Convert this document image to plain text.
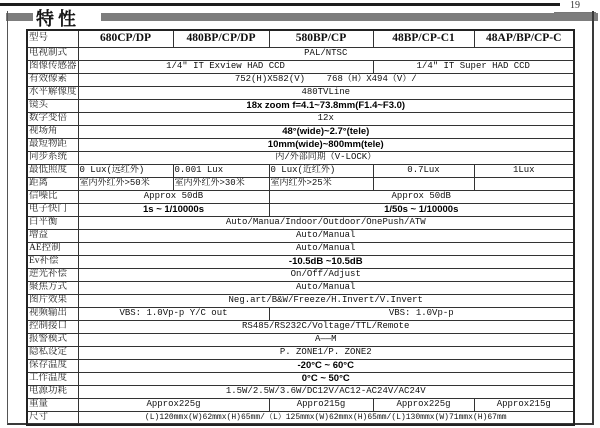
19
特性
型号	680CP/DP	480BP/CP/DP	580BP/CP	48BP/CP-C1	48AP/BP/CP-C
电视制式	PAL/NTSC				
图像传感器	1/4″ IT Exview HAD CCD			1/4″ IT Super HAD CCD	
有效像素	752(H)X582(V)    768（H）X494（V）/				
水平解像度	480TVLine				
镜头	18x zoom f=4.1~73.8mm(F1.4~F3.0)				
数字变倍	12x				
视场角	48°(wide)~2.7°(tele)				
最短物距	10mm(wide)~800mm(tele)				
同步系统	内/外部同期（V-LOCK）				
最低照度	0 Lux(远红外)	0.001 Lux	0 Lux(近红外)	0.7Lux	1Lux
距离	室内外红外>50米	室内外红外>30米	室内红外>25米		
信噪比	Approx 50dB		Approx 50dB		
电子快门	1s ~ 1/10000s		1/50s ~ 1/10000s		
白平衡	Auto/Manua/Indoor/Outdoor/OnePush/ATW				
增益	Auto/Manual				
AE控制	Auto/Manual				
Ev补偿	-10.5dB ~10.5dB				
逆光补偿	On/Off/Adjust				
聚焦方式	Auto/Manual				
图片效果	Neg.art/B&W/Freeze/H.Invert/V.Invert				
视频输出	VBS: 1.0Vp-p Y/C out		VBS: 1.0Vp-p		
控制接口	RS485/RS232C/Voltage/TTL/Remote				
报警模式	A——M				
隐私设定	P. ZONE1/P. ZONE2				
保存温度	-20°C ~ 60°C				
工作温度	0°C ~ 50°C				
电源功耗	1.5W/2.5W/3.6W/DC12V/AC12-AC24V/AC24V				
重量	Approx225g		Appro215g	Approx225g	Approx215g
尺寸	(L)120mmx(W)62mmx(H)65mm/（L）125mmx(W)62mmx(H)65mm/(L)130mmx(W)71mmx(H)67mm				
